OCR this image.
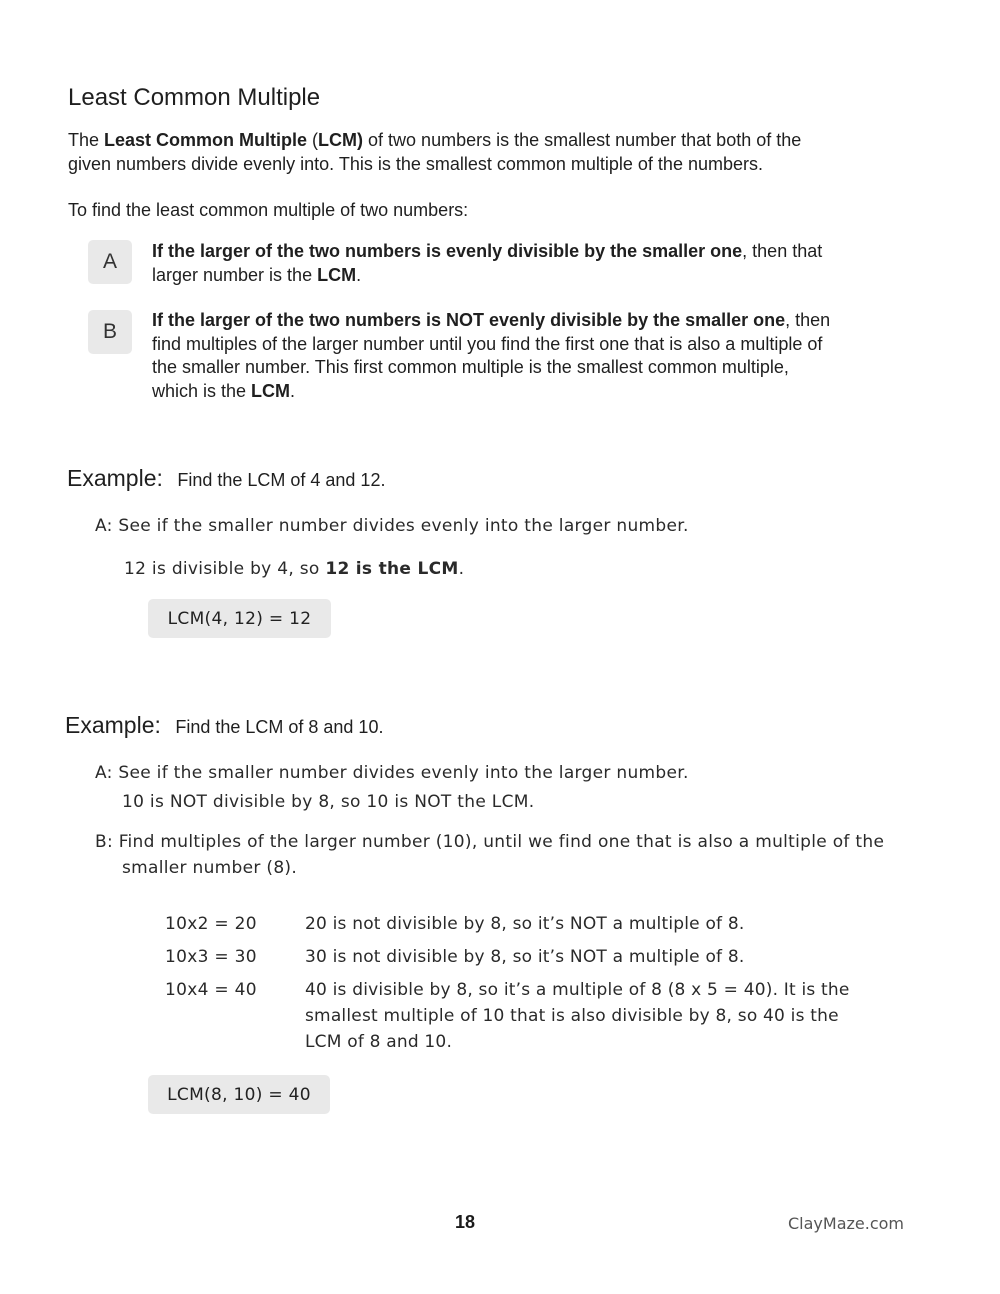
Least Common Multiple
The Least Common Multiple (LCM) of two numbers is the smallest number that both of the
given numbers divide evenly into. This is the smallest common multiple of the numbers.
To find the least common multiple of two numbers:
A	If the larger of the two numbers is evenly divisible by the smaller one, then that
larger number is the LCM.
B	If the larger of the two numbers is NOT evenly divisible by the smaller one, then
find multiples of the larger number until you find the first one that is also a multiple of
the smaller number. This first common multiple is the smallest common multiple,
which is the LCM.
Example: Find the LCM of 4 and 12.
A: See if the smaller number divides evenly into the larger number.
12 is divisible by 4, so 12 is the LCM.
LCM(4, 12) = 12
Example: Find the LCM of 8 and 10.
A: See if the smaller number divides evenly into the larger number.
10 is NOT divisible by 8, so 10 is NOT the LCM.
B: Find multiples of the larger number (10), until we find one that is also a multiple of the
smaller number (8).
10x2 = 20	20 is not divisible by 8, so it’s NOT a multiple of 8.
10x3 = 30	30 is not divisible by 8, so it’s NOT a multiple of 8.
10x4 = 40	40 is divisible by 8, so it’s a multiple of 8 (8 x 5 = 40). It is the
smallest multiple of 10 that is also divisible by 8, so 40 is the
LCM of 8 and 10.
LCM(8, 10) = 40
18	ClayMaze.com
